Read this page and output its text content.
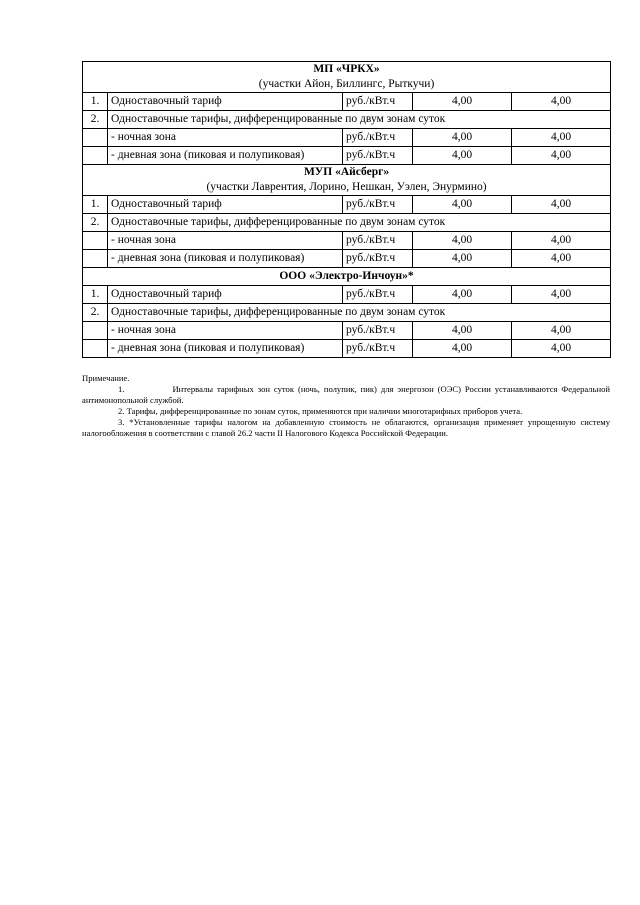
МП «ЧРКХ»
(участки Айон, Биллингс, Рыткучи)				

1.	Одноставочный тариф	руб./кВт.ч	4,00	4,00
2.	Одноставочные тарифы, дифференцированные по двум зонам суток			
	- ночная зона	руб./кВт.ч	4,00	4,00
	- дневная зона (пиковая и полупиковая)	руб./кВт.ч	4,00	4,00

МУП «Айсберг»
(участки Лаврентия, Лорино, Нешкан, Уэлен, Энурмино)				

1.	Одноставочный тариф	руб./кВт.ч	4,00	4,00
2.	Одноставочные тарифы, дифференцированные по двум зонам суток			
	- ночная зона	руб./кВт.ч	4,00	4,00
	- дневная зона (пиковая и полупиковая)	руб./кВт.ч	4,00	4,00

ООО «Электро-Инчоун»*				

1.	Одноставочный тариф	руб./кВт.ч	4,00	4,00
2.	Одноставочные тарифы, дифференцированные по двум зонам суток			
	- ночная зона	руб./кВт.ч	4,00	4,00
	- дневная зона (пиковая и полупиковая)	руб./кВт.ч	4,00	4,00

Примечание.

1.	Интервалы тарифных зон суток (ночь, полупик, пик) для энергозон (ОЭС) России устанавливаются Федеральной антимонопольной службой.

2. Тарифы, дифференцированные по зонам суток, применяются при наличии многотарифных приборов учета.

3. *Установленные тарифы налогом на добавленную стоимость не облагаются, организация применяет упрощенную систему налогообложения в соответствии с главой 26.2 части II Налогового Кодекса Российской Федерации.
